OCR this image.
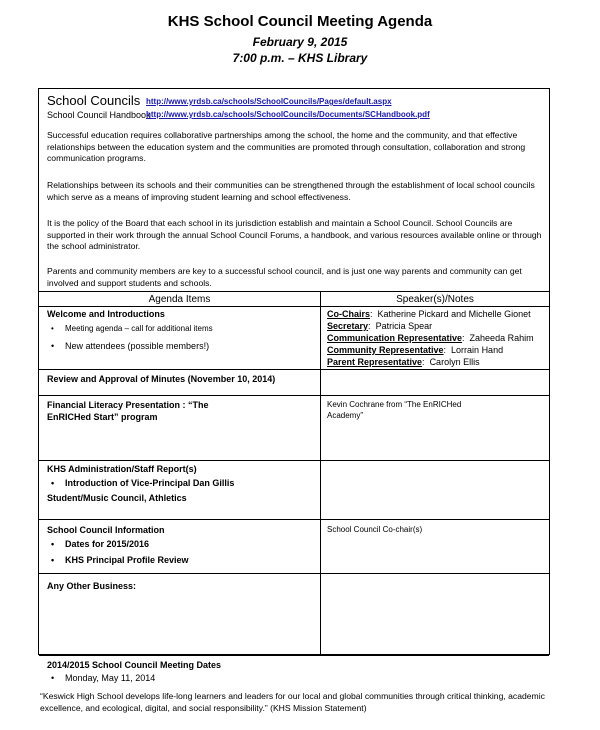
KHS School Council Meeting Agenda
February 9, 2015
7:00 p.m. – KHS Library
School Councils http://www.yrdsb.ca/schools/SchoolCouncils/Pages/default.aspx
School Council Handbook
http://www.yrdsb.ca/schools/SchoolCouncils/Documents/SCHandbook.pdf

Successful education requires collaborative partnerships among the school, the home and the community, and that effective relationships between the education system and the communities are promoted through consultation, collaboration and strong communication programs.

Relationships between its schools and their communities can be strengthened through the establishment of local school councils which serve as a means of improving student learning and school effectiveness.

It is the policy of the Board that each school in its jurisdiction establish and maintain a School Council. School Councils are supported in their work through the annual School Council Forums, a handbook, and various resources available online or through the school administrator.

Parents and community members are key to a successful school council, and is just one way parents and community can get involved and support students and schools.

Agenda Items	Speaker(s)/Notes
Welcome and Introductions
• Meeting agenda – call for additional items
• New attendees (possible members!)
Co-Chairs:  Katherine Pickard and Michelle Gionet
Secretary:  Patricia Spear
Communication Representative:  Zaheeda Rahim
Community Representative:  Lorrain Hand
Parent Representative:  Carolyn Ellis
Review and Approval of Minutes (November 10, 2014)
Financial Literacy Presentation : “The EnRICHed Start” program
Kevin Cochrane from “The EnRICHed Academy”
KHS Administration/Staff Report(s)
• Introduction of Vice-Principal Dan Gillis
Student/Music Council, Athletics
School Council Information
• Dates for 2015/2016
• KHS Principal Profile Review
School Council Co-chair(s)
Any Other Business:
2014/2015 School Council Meeting Dates
• Monday, May 11, 2014
“Keswick High School develops life-long learners and leaders for our local and global communities through critical thinking, academic excellence, and ecological, digital, and social responsibility.” (KHS Mission Statement)
